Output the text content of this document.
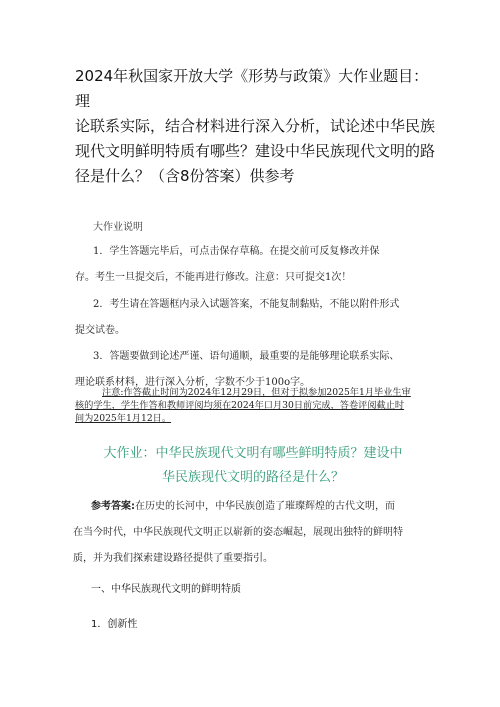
2024年秋国家开放大学《形势与政策》大作业题目：理
论联系实际，结合材料进行深入分析，试论述中华民族
现代文明鲜明特质有哪些？建设中华民族现代文明的路
径是什么？（含8份答案）供参考
大作业说明
1．学生答题完毕后，可点击保存草稿。在提交前可反复修改并保
存。考生一旦提交后，不能再进行修改。注意：只可提交1次！
2．考生请在答题框内录入试题答案，不能复制黏贴，不能以附件形式
提交试卷。
3．答题要做到论述严谨、语句通顺，最重要的是能够理论联系实际、
理论联系材料，进行深入分析，字数不少于100o字。
注意:作答截止时间为2024年12月29日，但对于拟参加2025年1月毕业生审
核的学生，学生作答和教师评阅均须在2024年口月30日前完成，答卷评阅截止时
间为2025年1月12日。
大作业：中华民族现代文明有哪些鲜明特质？建设中
华民族现代文明的路径是什么？
参考答案:在历史的长河中，中华民族创造了璀璨辉煌的古代文明，而
在当今时代，中华民族现代文明正以崭新的姿态崛起，展现出独特的鲜明特
质，并为我们探索建设路径提供了重要指引。
一、中华民族现代文明的鲜明特质
1．创新性
